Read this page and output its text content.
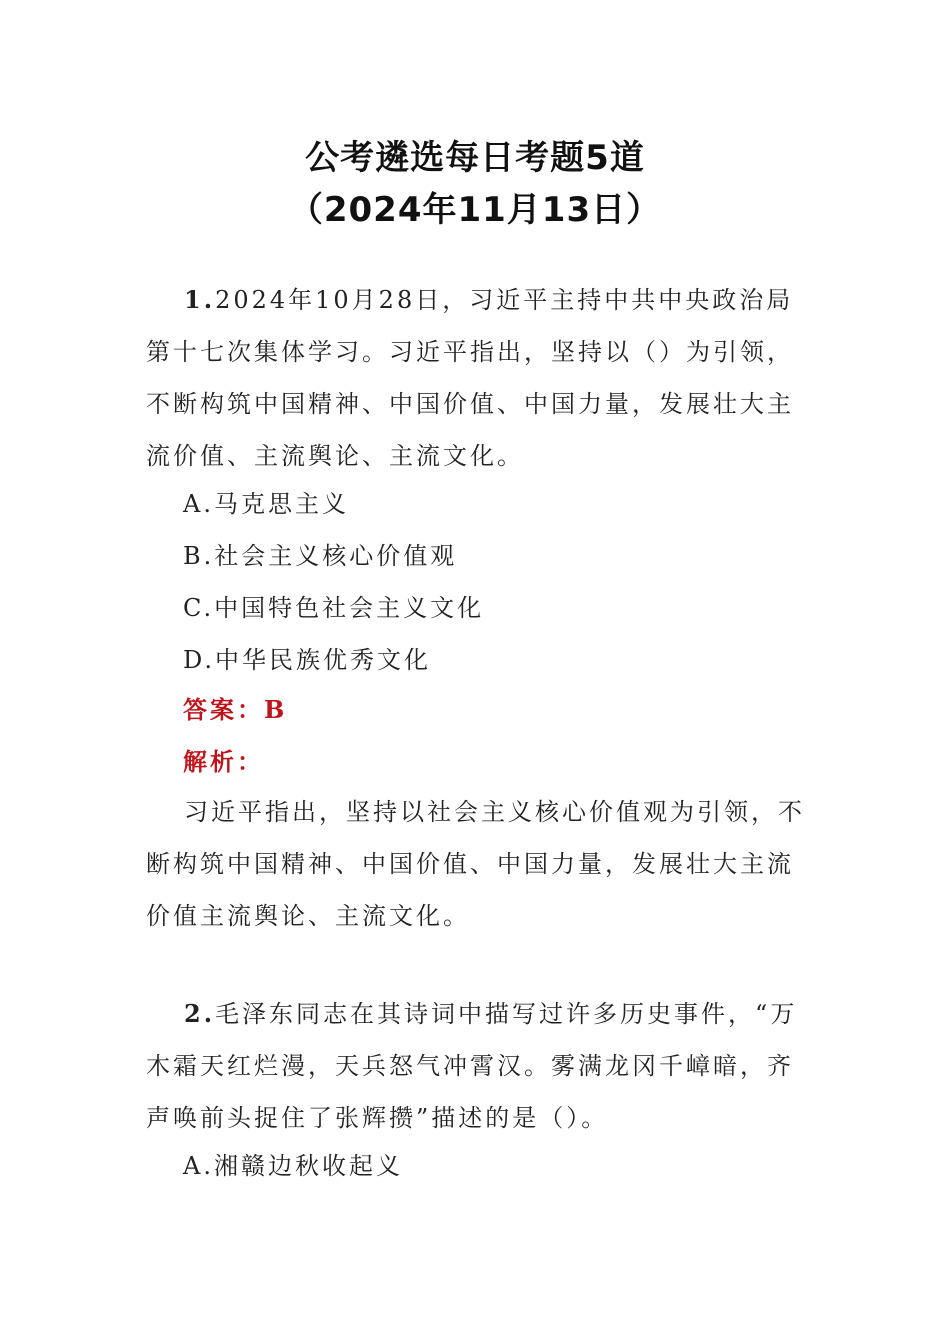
公考遴选每日考题5道
（2024年11月13日）
1.2024年10月28日，习近平主持中共中央政治局第十七次集体学习。习近平指出，坚持以（）为引领，不断构筑中国精神、中国价值、中国力量，发展壮大主流价值、主流舆论、主流文化。
A.马克思主义
B.社会主义核心价值观
C.中国特色社会主义文化
D.中华民族优秀文化
答案：B
解析：
习近平指出，坚持以社会主义核心价值观为引领，不断构筑中国精神、中国价值、中国力量，发展壮大主流价值主流舆论、主流文化。
2.毛泽东同志在其诗词中描写过许多历史事件，“万木霜天红烂漫，天兵怒气冲霄汉。雾满龙冈千嶂暗，齐声唤前头捉住了张辉攒”描述的是（）。
A.湘赣边秋收起义
